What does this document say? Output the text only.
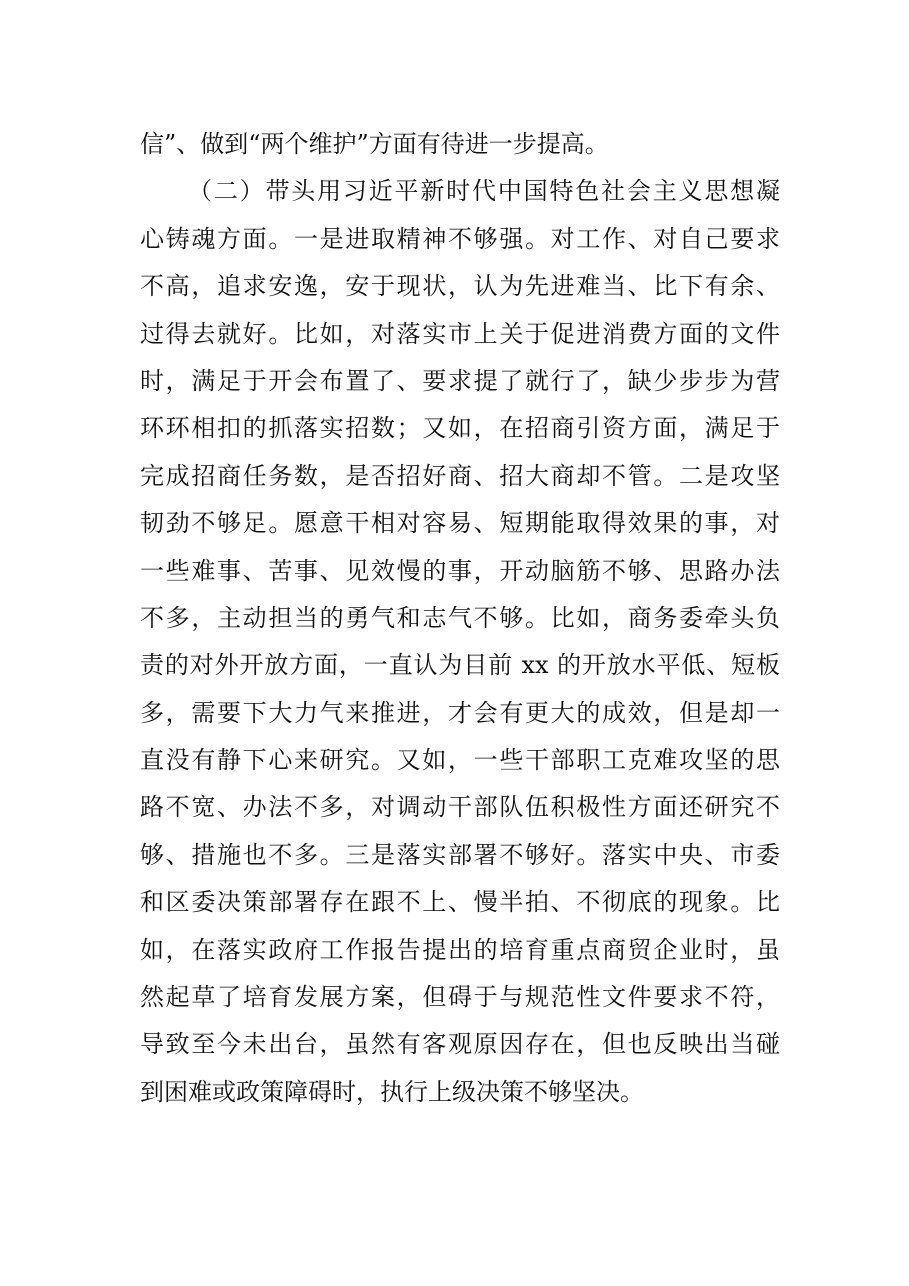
信”、做到“两个维护”方面有待进一步提高。
（二）带头用习近平新时代中国特色社会主义思想凝
心铸魂方面。一是进取精神不够强。对工作、对自己要求
不高，追求安逸，安于现状，认为先进难当、比下有余、
过得去就好。比如，对落实市上关于促进消费方面的文件
时，满足于开会布置了、要求提了就行了，缺少步步为营
环环相扣的抓落实招数；又如，在招商引资方面，满足于
完成招商任务数，是否招好商、招大商却不管。二是攻坚
韧劲不够足。愿意干相对容易、短期能取得效果的事，对
一些难事、苦事、见效慢的事，开动脑筋不够、思路办法
不多，主动担当的勇气和志气不够。比如，商务委牵头负
责的对外开放方面，一直认为目前 xx 的开放水平低、短板
多，需要下大力气来推进，才会有更大的成效，但是却一
直没有静下心来研究。又如，一些干部职工克难攻坚的思
路不宽、办法不多，对调动干部队伍积极性方面还研究不
够、措施也不多。三是落实部署不够好。落实中央、市委
和区委决策部署存在跟不上、慢半拍、不彻底的现象。比
如，在落实政府工作报告提出的培育重点商贸企业时，虽
然起草了培育发展方案，但碍于与规范性文件要求不符，
导致至今未出台，虽然有客观原因存在，但也反映出当碰
到困难或政策障碍时，执行上级决策不够坚决。
